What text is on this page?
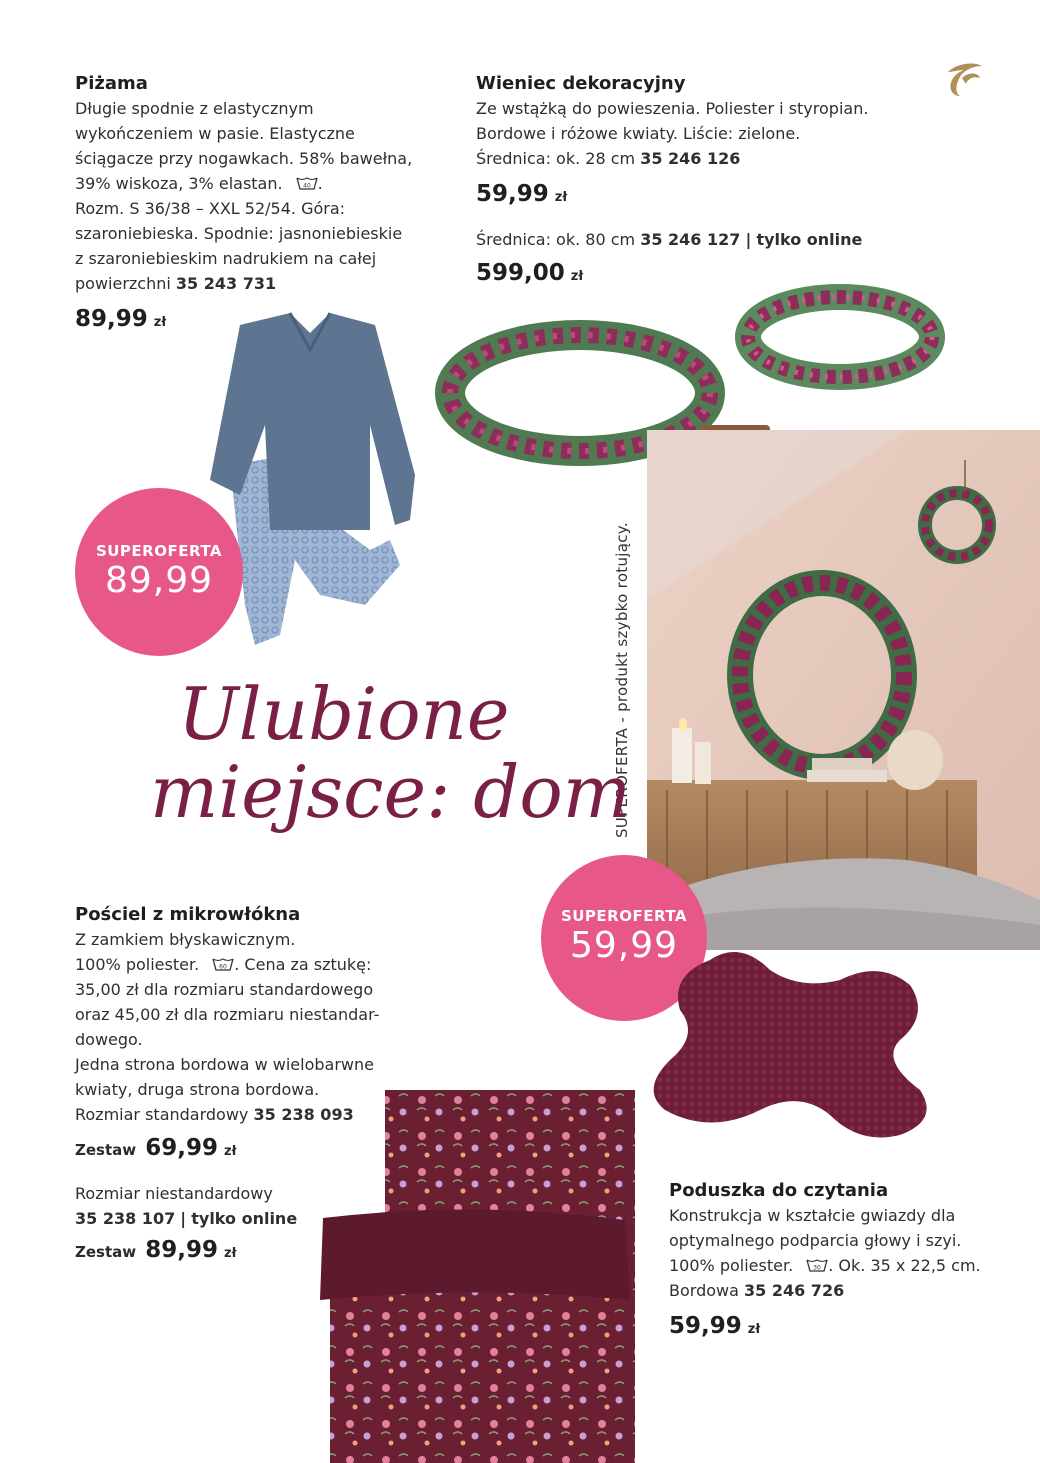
Piżama
Długie spodnie z elastycznym
wykończeniem w pasie. Elastyczne
ściągacze przy nogawkach. 58% bawełna,
39% wiskoza, 3% elastan.	40 .
Rozm. S 36/38 – XXL 52/54. Góra:
szaroniebieska. Spodnie: jasnoniebieskie
z szaroniebieskim nadrukiem na całej
powierzchni 35 243 731
89,99 zł
SUPEROFERTA
89,99
Wieniec dekoracyjny
Ze wstążką do powieszenia. Poliester i styropian.
Bordowe i różowe kwiaty. Liście: zielone.
Średnica: ok. 28 cm 35 246 126
59,99 zł
Średnica: ok. 80 cm 35 246 127 | tylko online
599,00 zł
SUPEROFERTA - produkt szybko rotujący.
Ulubione
miejsce: dom
SUPEROFERTA
59,99
Pościel z mikrowłókna
Z zamkiem błyskawicznym.
100% poliester.	60 . Cena za sztukę:
35,00 zł dla rozmiaru standardowego
oraz 45,00 zł dla rozmiaru niestandar-
dowego.
Jedna strona bordowa w wielobarwne
kwiaty, druga strona bordowa.
Rozmiar standardowy 35 238 093
Zestaw 69,99 zł
Rozmiar niestandardowy
35 238 107 | tylko online
Zestaw 89,99 zł
Poduszka do czytania
Konstrukcja w kształcie gwiazdy dla
optymalnego podparcia głowy i szyi.
100% poliester.	30 . Ok. 35 x 22,5 cm.
Bordowa 35 246 726
59,99 zł
